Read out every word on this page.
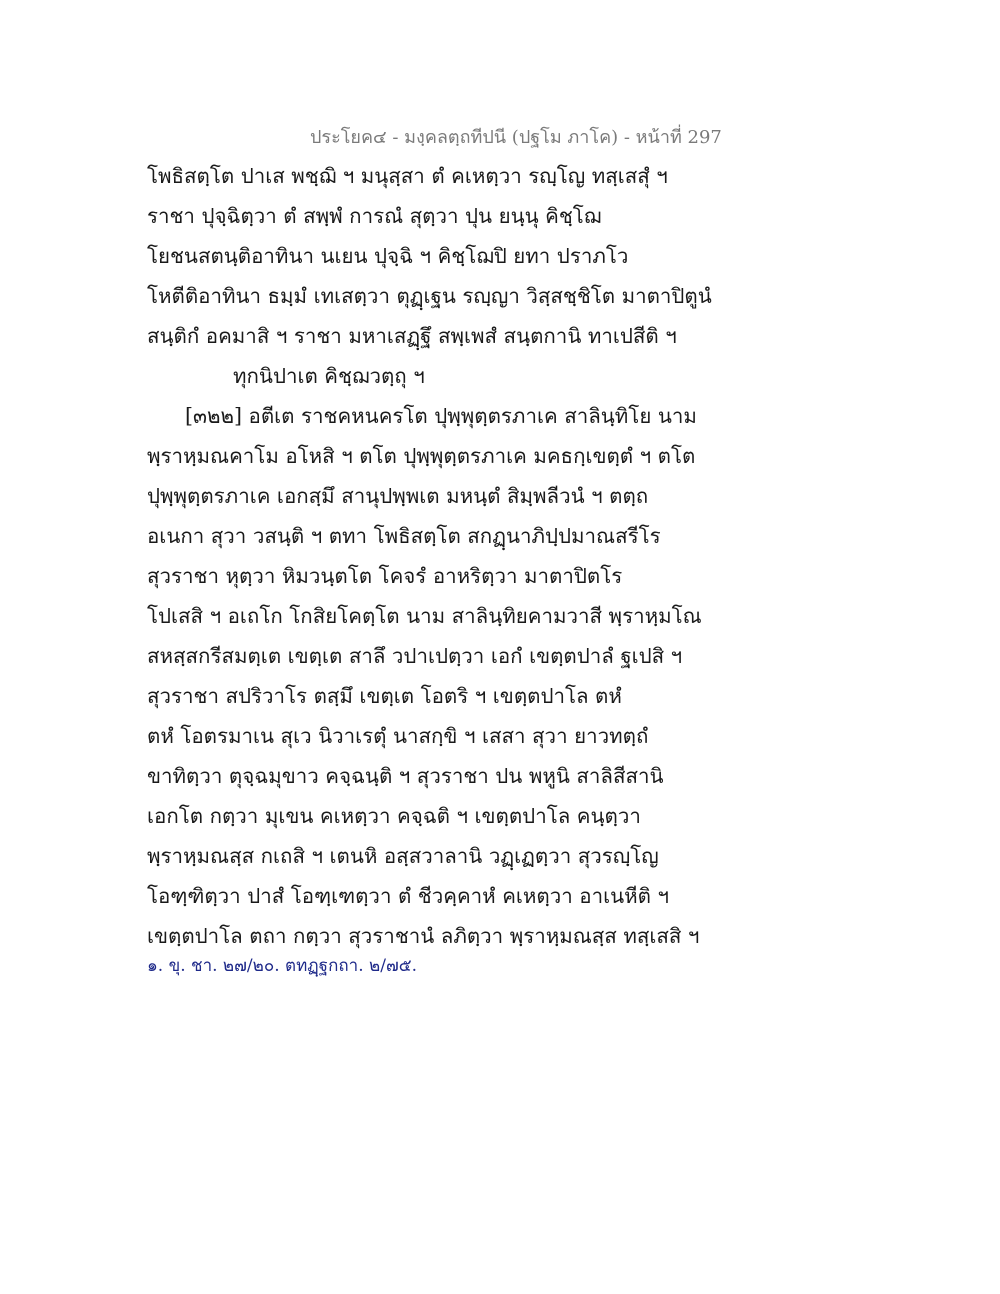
ประโยค๔ - มงฺคลตฺถทีปนี (ปฐโม ภาโค) - หน้าที่ 297
โพธิสตฺโต ปาเส พชฺฌิ ฯ มนุสฺสา ตํ คเหตฺวา รญฺโญ ทสฺเสสุํ ฯ
ราชา ปุจฺฉิตฺวา ตํ สพฺพํ การณํ สุตฺวา ปุน ยนฺนุ คิชฺโฌ
โยชนสตนฺติอาทินา นเยน ปุจฺฉิ ฯ คิชฺโฌปิ ยทา ปราภโว
โหตีติอาทินา ธมฺมํ เทเสตฺวา ตุฏฺเฐน รญฺญา วิสฺสชฺชิโต มาตาปิตูนํ
สนฺติกํ อคมาสิ ฯ ราชา มหาเสฏฺฐึ สพฺเพสํ สนฺตกานิ ทาเปสีติ ฯ
ทุกนิปาเต คิชฺฌวตฺถุ ฯ
[๓๒๒] อตีเต ราชคหนครโต ปุพฺพุตฺตรภาเค สาลินฺทิโย นาม
พฺราหฺมณคาโม อโหสิ ฯ ตโต ปุพฺพุตฺตรภาเค มคธกฺเขตฺตํ ฯ ตโต
ปุพฺพุตฺตรภาเค เอกสฺมึ สานุปพฺพเต มหนฺตํ สิมฺพลีวนํ ฯ ตตฺถ
อเนกา สุวา วสนฺติ ฯ ตทา โพธิสตฺโต สกฏฺนาภิปฺปมาณสรีโร
สุวราชา หุตฺวา หิมวนฺตโต โคจรํ อาหริตฺวา มาตาปิตโร
โปเสสิ ฯ อเถโก โกสิยโคตฺโต นาม สาลินฺทิยคามวาสี พฺราหฺมโณ
สหสฺสกรีสมตฺเต เขตฺเต สาลึ วปาเปตฺวา เอกํ เขตฺตปาลํ ฐเปสิ ฯ
สุวราชา สปริวาโร ตสฺมึ เขตฺเต โอตริ ฯ เขตฺตปาโล ตหํ
ตหํ โอตรมาเน สุเว นิวาเรตุํ นาสกฺขิ ฯ เสสา สุวา ยาวทตฺถํ
ขาทิตฺวา ตุจฺฉมุขาว คจฺฉนฺติ ฯ สุวราชา ปน พหูนิ สาลิสีสานิ
เอกโต กตฺวา มุเขน คเหตฺวา คจฺฉติ ฯ เขตฺตปาโล คนฺตฺวา
พฺราหฺมณสฺส กเถสิ ฯ เตนหิ อสฺสวาลานิ วฏฺเฏตฺวา สุวรญฺโญ
โอฑฺฑิตฺวา ปาสํ โอฑฺเฑตฺวา ตํ ชีวคฺคาหํ คเหตฺวา อาเนหีติ ฯ
เขตฺตปาโล ตถา กตฺวา สุวราชานํ ลภิตฺวา พฺราหฺมณสฺส ทสฺเสสิ ฯ
๑. ขุ. ชา. ๒๗/๒๐. ตทฏฺฐกถา. ๒/๗๕.
